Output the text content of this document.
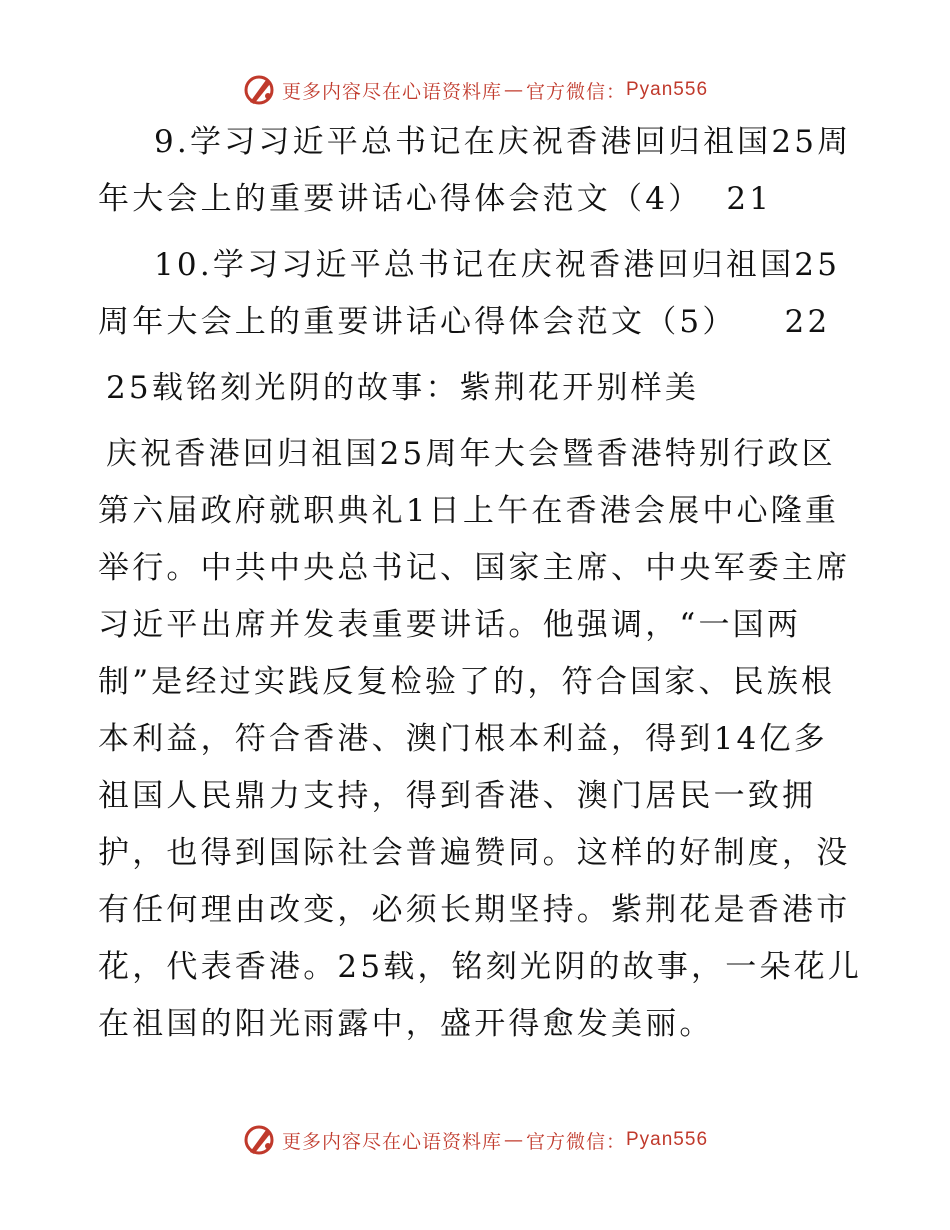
更多内容尽在心语资料库 — 官方微信： Pyan556
9.学习习近平总书记在庆祝香港回归祖国25周
年大会上的重要讲话心得体会范文（4） 21
10.学习习近平总书记在庆祝香港回归祖国25
周年大会上的重要讲话心得体会范文（5） 22
25载铭刻光阴的故事：紫荆花开别样美
庆祝香港回归祖国25周年大会暨香港特别行政区
第六届政府就职典礼1日上午在香港会展中心隆重
举行。中共中央总书记、国家主席、中央军委主席
习近平出席并发表重要讲话。他强调，“一国两
制”是经过实践反复检验了的，符合国家、民族根
本利益，符合香港、澳门根本利益，得到14亿多
祖国人民鼎力支持，得到香港、澳门居民一致拥
护，也得到国际社会普遍赞同。这样的好制度，没
有任何理由改变，必须长期坚持。紫荆花是香港市
花，代表香港。25载，铭刻光阴的故事，一朵花儿
在祖国的阳光雨露中，盛开得愈发美丽。
更多内容尽在心语资料库 — 官方微信： Pyan556
